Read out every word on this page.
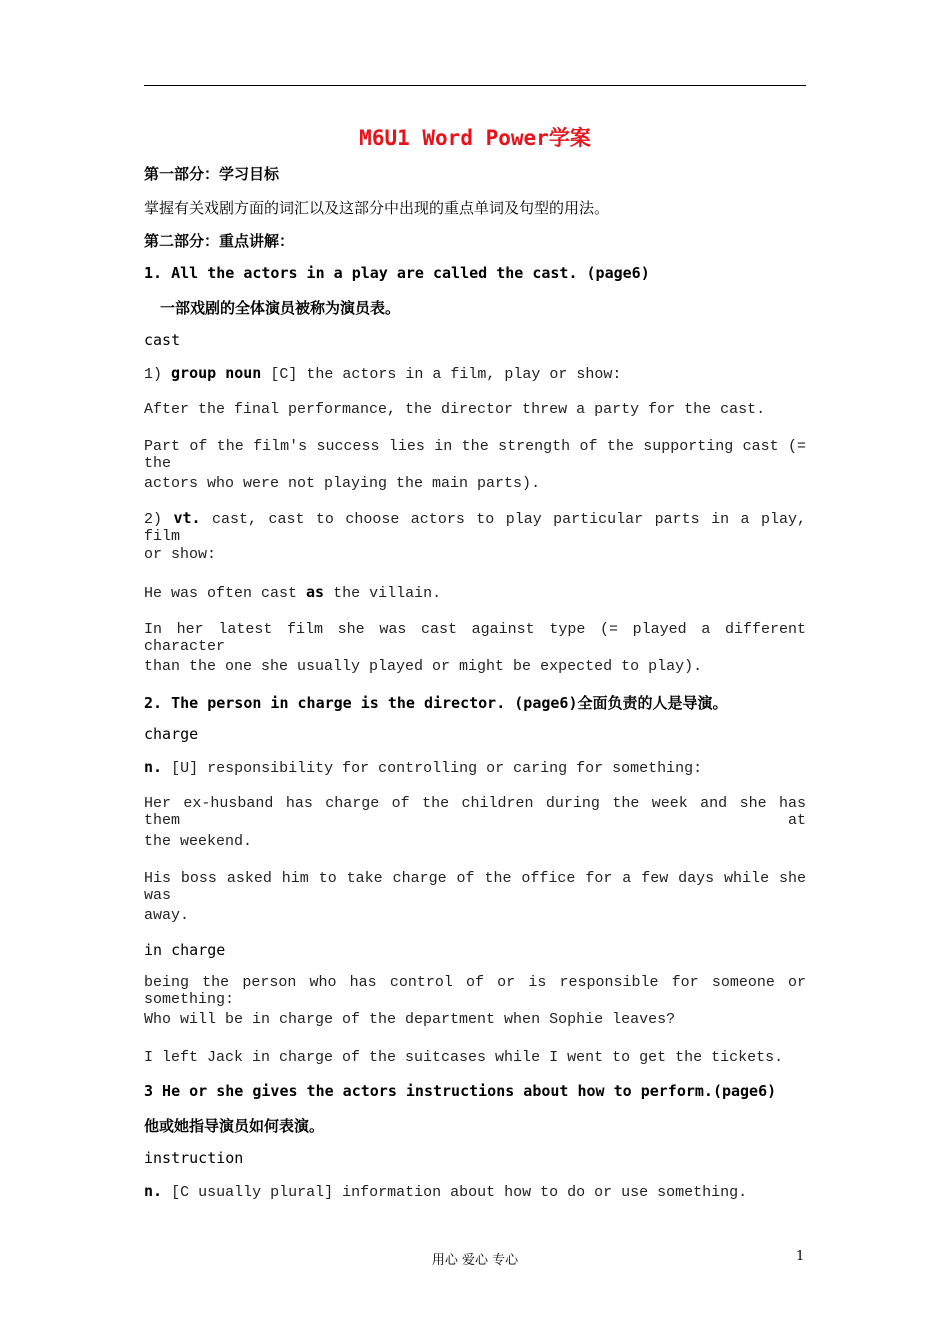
M6U1 Word Power学案
第一部分：学习目标
掌握有关戏剧方面的词汇以及这部分中出现的重点单词及句型的用法。
第二部分：重点讲解：
1. All the actors in a play are called the cast. (page6)
一部戏剧的全体演员被称为演员表。
cast
1) group noun [C] the actors in a film, play or show:
After the final performance, the director threw a party for the cast.
Part of the film's success lies in the strength of the supporting cast (= the
actors who were not playing the main parts).
2) vt. cast, cast to choose actors to play particular parts in a play, film
or show:
He was often cast as the villain.
In her latest film she was cast against type (= played a different character
than the one she usually played or might be expected to play).
2. The person in charge is the director. (page6)全面负责的人是导演。
charge
n. [U] responsibility for controlling or caring for something:
Her ex-husband has charge of the children during the week and she has them at
the weekend.
His boss asked him to take charge of the office for a few days while she was
away.
in charge
being the person who has control of or is responsible for someone or something:
Who will be in charge of the department when Sophie leaves?
I left Jack in charge of the suitcases while I went to get the tickets.
3 He or she gives the actors instructions about how to perform.(page6)
他或她指导演员如何表演。
instruction
n. [C usually plural] information about how to do or use something.
用心 爱心 专心	1
